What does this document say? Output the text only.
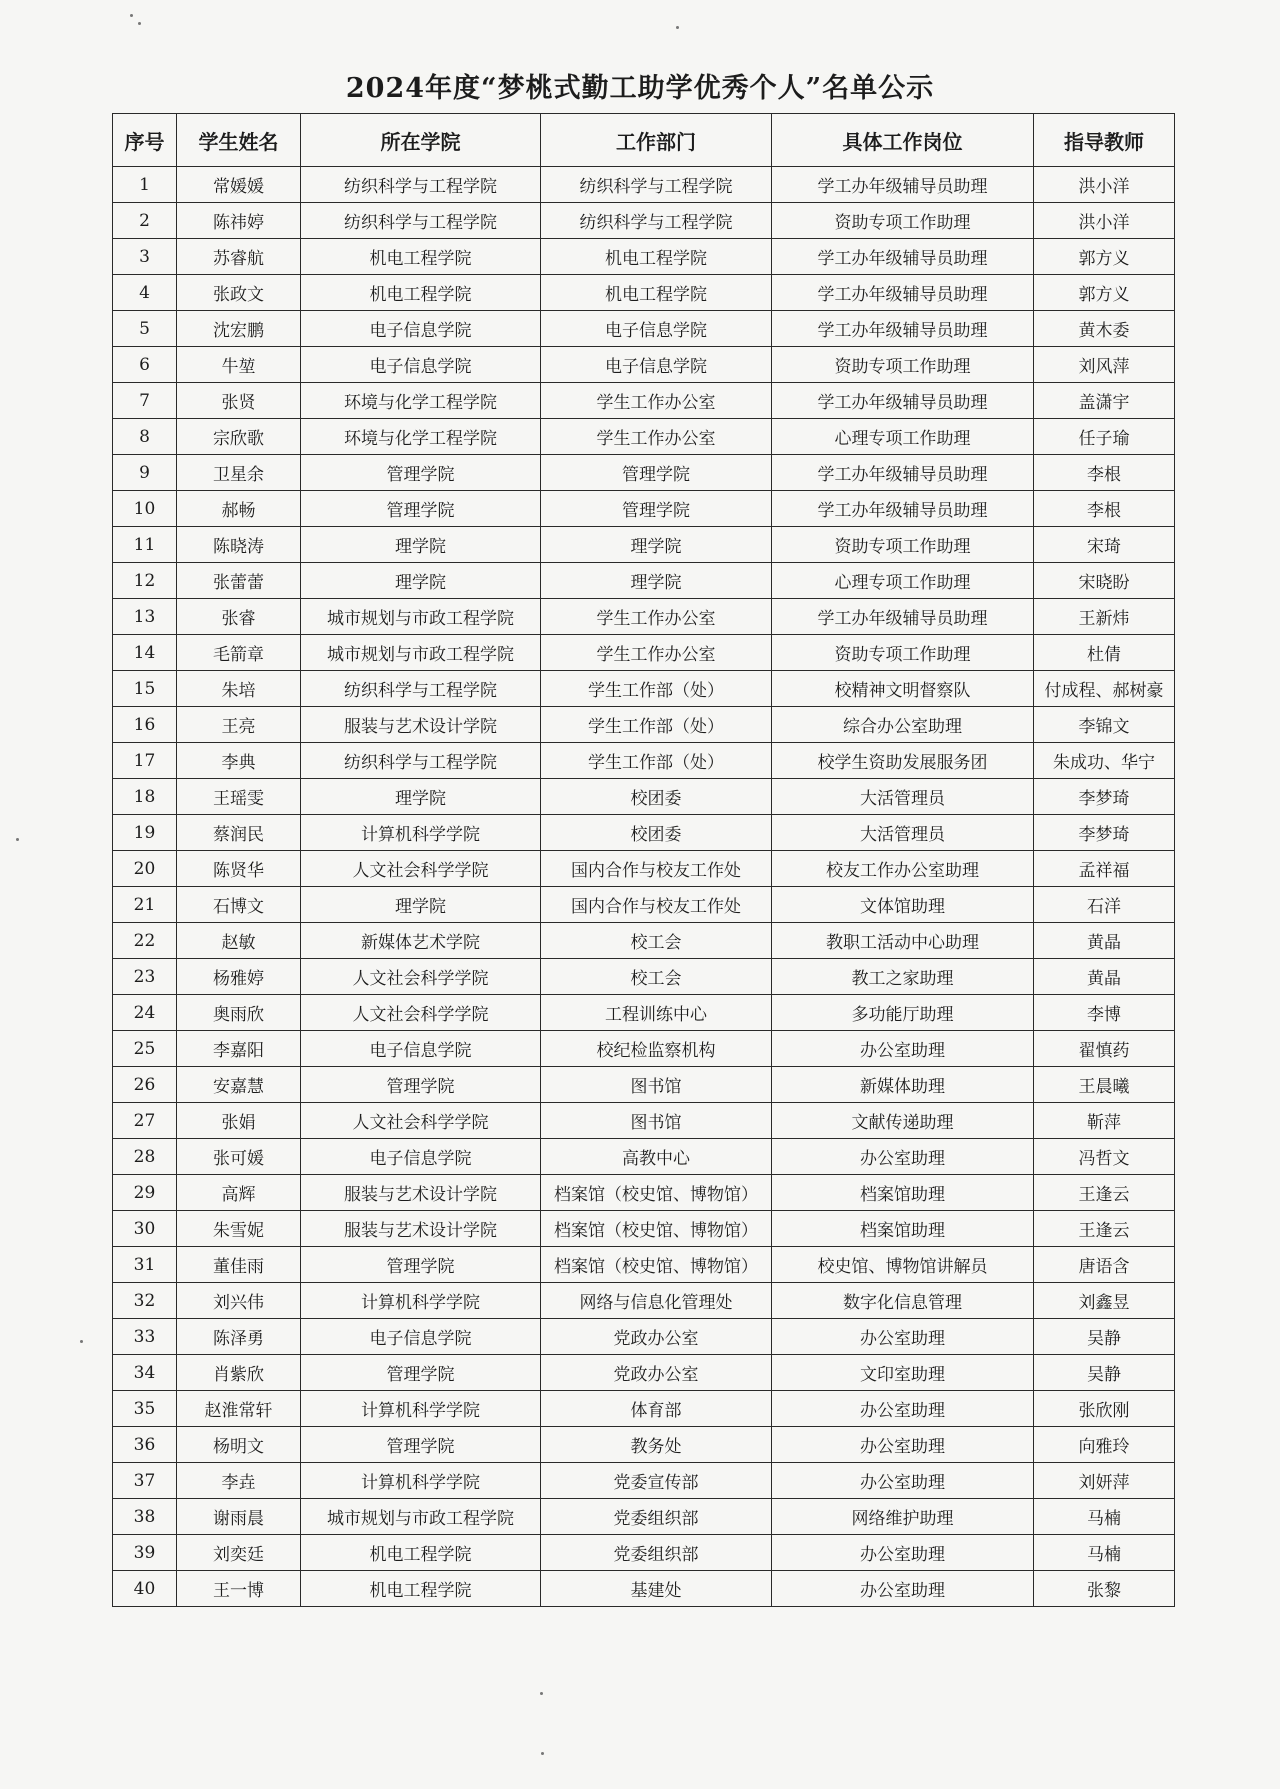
2024年度“梦桃式勤工助学优秀个人”名单公示
序号	学生姓名	所在学院	工作部门	具体工作岗位	指导教师
1	常媛媛	纺织科学与工程学院	纺织科学与工程学院	学工办年级辅导员助理	洪小洋
2	陈祎婷	纺织科学与工程学院	纺织科学与工程学院	资助专项工作助理	洪小洋
3	苏睿航	机电工程学院	机电工程学院	学工办年级辅导员助理	郭方义
4	张政文	机电工程学院	机电工程学院	学工办年级辅导员助理	郭方义
5	沈宏鹏	电子信息学院	电子信息学院	学工办年级辅导员助理	黄木委
6	牛堃	电子信息学院	电子信息学院	资助专项工作助理	刘风萍
7	张贤	环境与化学工程学院	学生工作办公室	学工办年级辅导员助理	盖潇宇
8	宗欣歌	环境与化学工程学院	学生工作办公室	心理专项工作助理	任子瑜
9	卫星余	管理学院	管理学院	学工办年级辅导员助理	李根
10	郝畅	管理学院	管理学院	学工办年级辅导员助理	李根
11	陈晓涛	理学院	理学院	资助专项工作助理	宋琦
12	张蕾蕾	理学院	理学院	心理专项工作助理	宋晓盼
13	张睿	城市规划与市政工程学院	学生工作办公室	学工办年级辅导员助理	王新炜
14	毛箭章	城市规划与市政工程学院	学生工作办公室	资助专项工作助理	杜倩
15	朱培	纺织科学与工程学院	学生工作部（处）	校精神文明督察队	付成程、郝树豪
16	王亮	服装与艺术设计学院	学生工作部（处）	综合办公室助理	李锦文
17	李典	纺织科学与工程学院	学生工作部（处）	校学生资助发展服务团	朱成功、华宁
18	王瑶雯	理学院	校团委	大活管理员	李梦琦
19	蔡润民	计算机科学学院	校团委	大活管理员	李梦琦
20	陈贤华	人文社会科学学院	国内合作与校友工作处	校友工作办公室助理	孟祥福
21	石博文	理学院	国内合作与校友工作处	文体馆助理	石洋
22	赵敏	新媒体艺术学院	校工会	教职工活动中心助理	黄晶
23	杨雅婷	人文社会科学学院	校工会	教工之家助理	黄晶
24	奥雨欣	人文社会科学学院	工程训练中心	多功能厅助理	李博
25	李嘉阳	电子信息学院	校纪检监察机构	办公室助理	翟慎药
26	安嘉慧	管理学院	图书馆	新媒体助理	王晨曦
27	张娟	人文社会科学学院	图书馆	文献传递助理	靳萍
28	张可媛	电子信息学院	高教中心	办公室助理	冯哲文
29	高辉	服装与艺术设计学院	档案馆（校史馆、博物馆）	档案馆助理	王逢云
30	朱雪妮	服装与艺术设计学院	档案馆（校史馆、博物馆）	档案馆助理	王逢云
31	董佳雨	管理学院	档案馆（校史馆、博物馆）	校史馆、博物馆讲解员	唐语含
32	刘兴伟	计算机科学学院	网络与信息化管理处	数字化信息管理	刘鑫昱
33	陈泽勇	电子信息学院	党政办公室	办公室助理	吴静
34	肖紫欣	管理学院	党政办公室	文印室助理	吴静
35	赵淮常轩	计算机科学学院	体育部	办公室助理	张欣刚
36	杨明文	管理学院	教务处	办公室助理	向雅玲
37	李垚	计算机科学学院	党委宣传部	办公室助理	刘妍萍
38	谢雨晨	城市规划与市政工程学院	党委组织部	网络维护助理	马楠
39	刘奕廷	机电工程学院	党委组织部	办公室助理	马楠
40	王一博	机电工程学院	基建处	办公室助理	张黎
